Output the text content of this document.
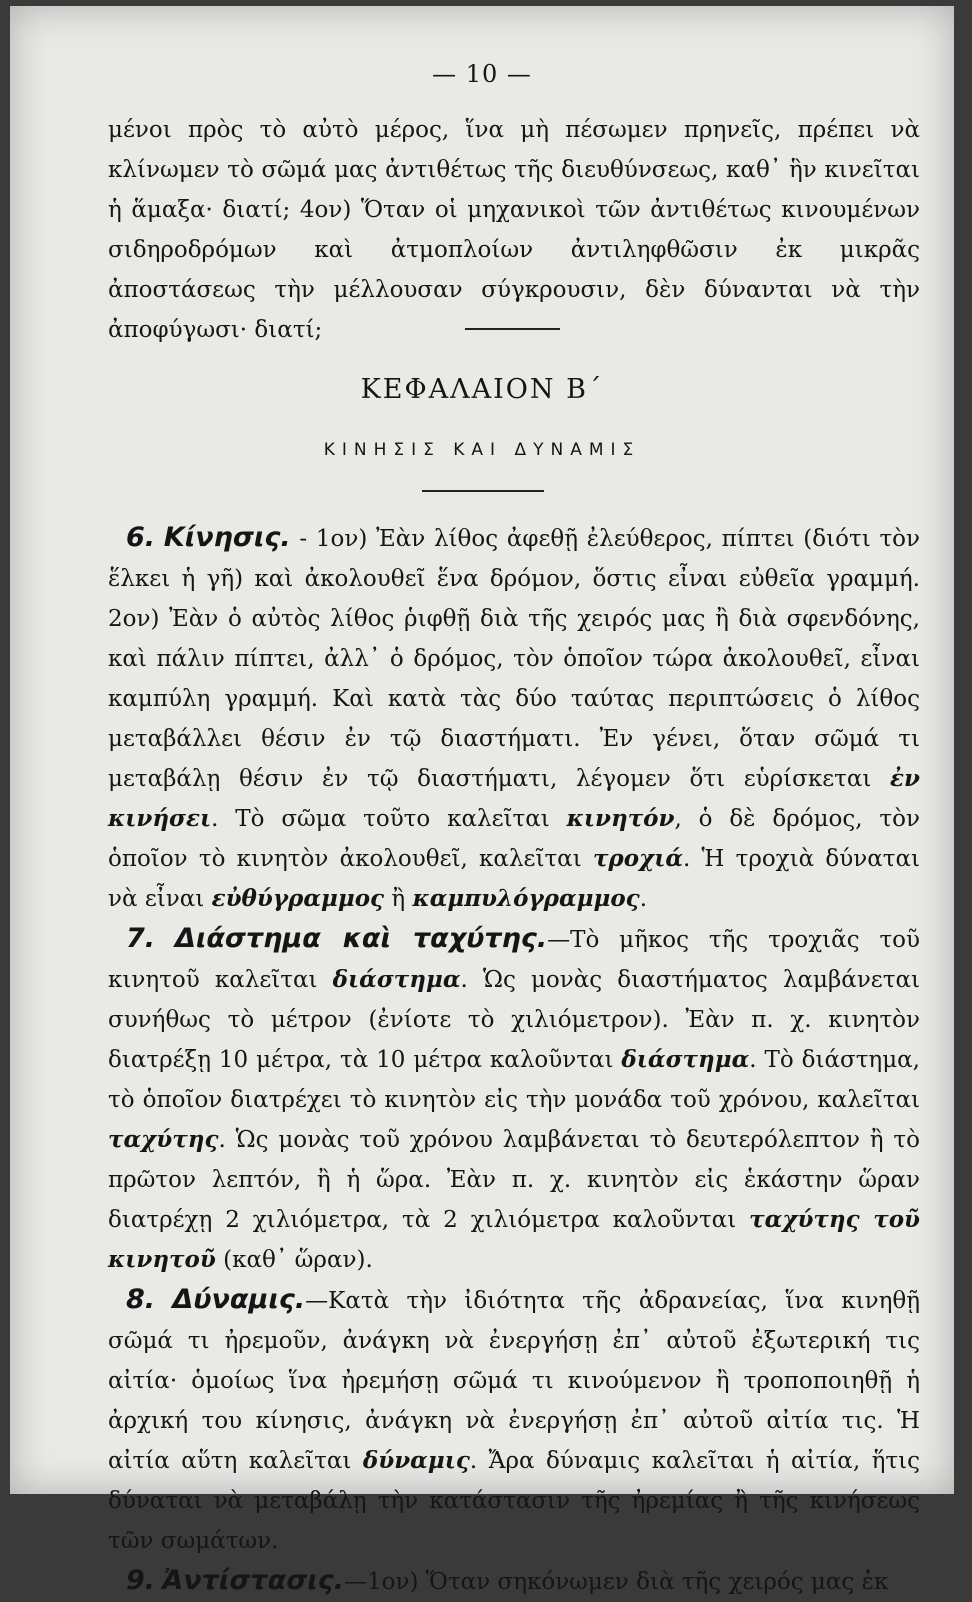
— 10 —

μένοι πρὸς τὸ αὐτὸ μέρος, ἵνα μὴ πέσωμεν πρηνεῖς, πρέπει νὰ κλίνωμεν τὸ σῶμά μας ἀντιθέτως τῆς διευθύνσεως, καθ᾽ ἣν κινεῖται ἡ ἅμαξα· διατί; 4ον) Ὅταν οἱ μηχανικοὶ τῶν ἀντιθέτως κινουμένων σιδηροδρόμων καὶ ἀτμοπλοίων ἀντιληφθῶσιν ἐκ μικρᾶς ἀποστάσεως τὴν μέλλουσαν σύγκρουσιν, δὲν δύνανται νὰ τὴν ἀποφύγωσι· διατί;

ΚΕΦΑΛΑΙΟΝ Β΄
ΚΙΝΗΣΙΣ ΚΑΙ ΔΥΝΑΜΙΣ

6. Κίνησις. - 1ον) Ἐὰν λίθος ἀφεθῇ ἐλεύθερος, πίπτει (διότι τὸν ἕλκει ἡ γῆ) καὶ ἀκολουθεῖ ἕνα δρόμον, ὅστις εἶναι εὐθεῖα γραμμή. 2ον) Ἐὰν ὁ αὐτὸς λίθος ῥιφθῇ διὰ τῆς χειρός μας ἢ διὰ σφενδόνης, καὶ πάλιν πίπτει, ἀλλ᾽ ὁ δρόμος, τὸν ὁποῖον τώρα ἀκολουθεῖ, εἶναι καμπύλη γραμμή. Καὶ κατὰ τὰς δύο ταύτας περιπτώσεις ὁ λίθος μεταβάλλει θέσιν ἐν τῷ διαστήματι. Ἐν γένει, ὅταν σῶμά τι μεταβάλῃ θέσιν ἐν τῷ διαστήματι, λέγομεν ὅτι εὑρίσκεται ἐν κινήσει. Τὸ σῶμα τοῦτο καλεῖται κινητόν, ὁ δὲ δρόμος, τὸν ὁποῖον τὸ κινητὸν ἀκολουθεῖ, καλεῖται τροχιά. Ἡ τροχιὰ δύναται νὰ εἶναι εὐθύγραμμος ἢ καμπυλόγραμμος.

7. Διάστημα καὶ ταχύτης.—Τὸ μῆκος τῆς τροχιᾶς τοῦ κινητοῦ καλεῖται διάστημα. Ὡς μονὰς διαστήματος λαμβάνεται συνήθως τὸ μέτρον (ἐνίοτε τὸ χιλιόμετρον). Ἐὰν π. χ. κινητὸν διατρέξῃ 10 μέτρα, τὰ 10 μέτρα καλοῦνται διάστημα. Τὸ διάστημα, τὸ ὁποῖον διατρέχει τὸ κινητὸν εἰς τὴν μονάδα τοῦ χρόνου, καλεῖται ταχύτης. Ὡς μονὰς τοῦ χρόνου λαμβάνεται τὸ δευτερόλεπτον ἢ τὸ πρῶτον λεπτόν, ἢ ἡ ὥρα. Ἐὰν π. χ. κινητὸν εἰς ἑκάστην ὥραν διατρέχῃ 2 χιλιόμετρα, τὰ 2 χιλιόμετρα καλοῦνται ταχύτης τοῦ κινητοῦ (καθ᾽ ὥραν).

8. Δύναμις.—Κατὰ τὴν ἰδιότητα τῆς ἀδρανείας, ἵνα κινηθῇ σῶμά τι ἠρεμοῦν, ἀνάγκη νὰ ἐνεργήσῃ ἐπ᾽ αὐτοῦ ἐξωτερική τις αἰτία· ὁμοίως ἵνα ἠρεμήσῃ σῶμά τι κινούμενον ἢ τροποποιηθῇ ἡ ἀρχική του κίνησις, ἀνάγκη νὰ ἐνεργήσῃ ἐπ᾽ αὐτοῦ αἰτία τις. Ἡ αἰτία αὕτη καλεῖται δύναμις. Ἄρα δύναμις καλεῖται ἡ αἰτία, ἥτις δύναται νὰ μεταβάλῃ τὴν κατάστασιν τῆς ἠρεμίας ἢ τῆς κινήσεως τῶν σωμάτων.

9. Ἀντίστασις.—1ον) Ὅταν σηκόνωμεν διὰ τῆς χειρός μας ἐκ
